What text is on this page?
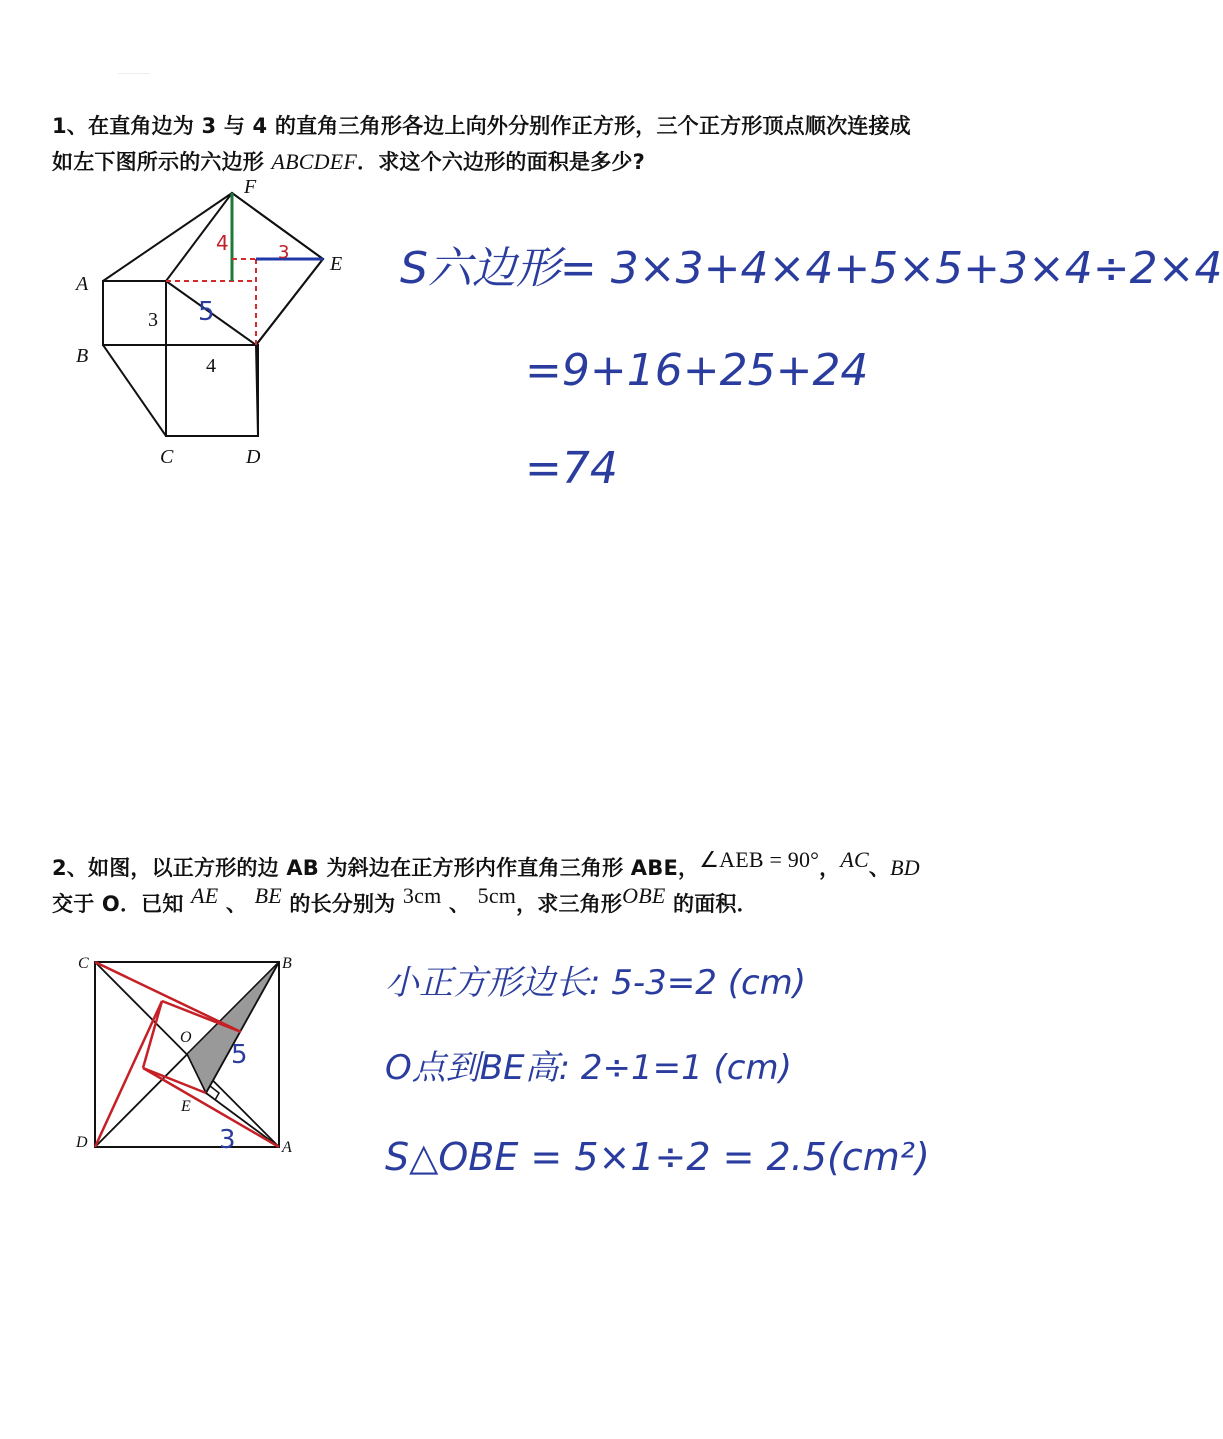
1、在直角边为 3 与 4 的直角三角形各边上向外分别作正方形，三个正方形顶点顺次连接成
如左下图所示的六边形 ABCDEF．求这个六边形的面积是多少?
F
E
A
B
C	D
3
4
5
4	3	S六边形= 3×3+4×4+5×5+3×4÷2×4
=9+16+25+24
=74
2、如图，以正方形的边 AB 为斜边在正方形内作直角三角形 ABE，∠AEB = 90°，AC、BD
交于 O．已知 AE 、 BE 的长分别为 3cm 、 5cm，求三角形OBE 的面积．
C	B
D	A
O
E
5
3
小正方形边长: 5-3=2 (cm)
O点到BE高: 2÷1=1 (cm)
S△OBE = 5×1÷2 = 2.5(cm²)
